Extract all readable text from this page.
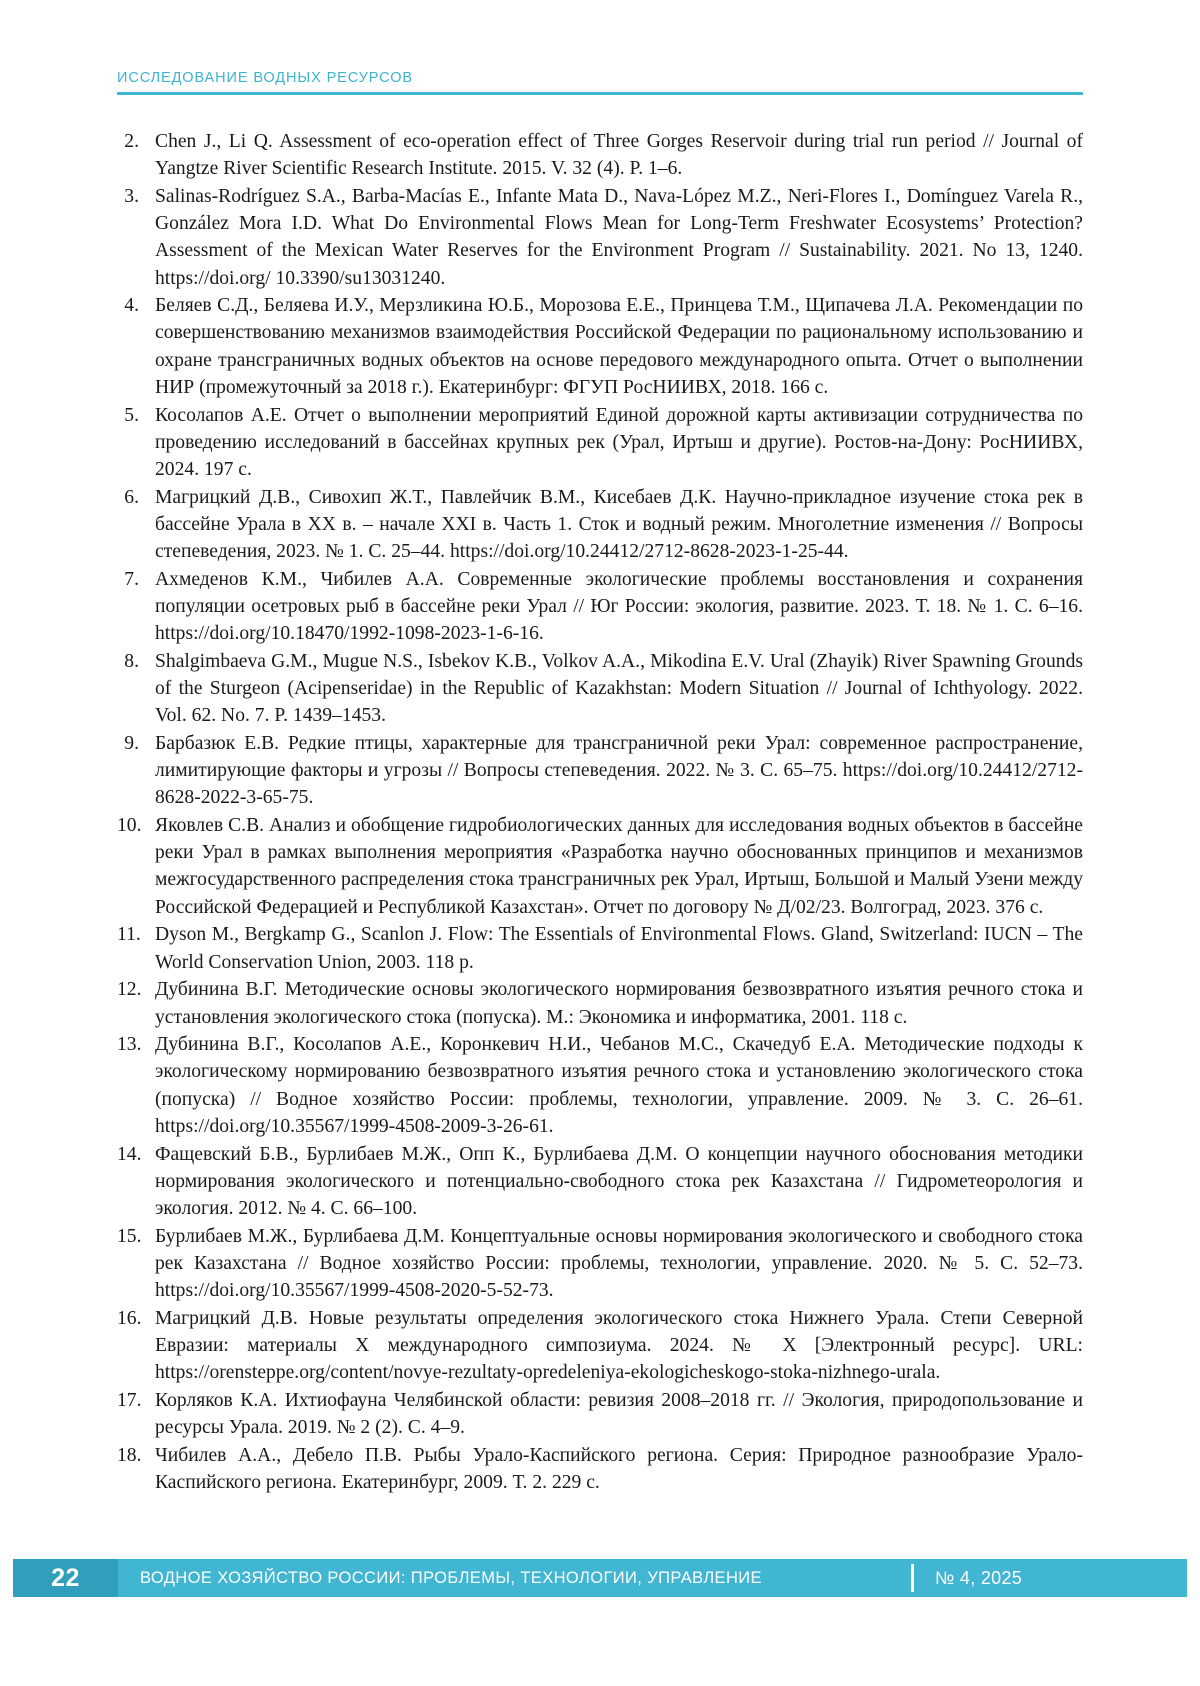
ИССЛЕДОВАНИЕ ВОДНЫХ РЕСУРСОВ
2. Chen J., Li Q. Assessment of eco-operation effect of Three Gorges Reservoir during trial run period // Journal of Yangtze River Scientific Research Institute. 2015. V. 32 (4). P. 1–6.
3. Salinas-Rodríguez S.A., Barba-Macías E., Infante Mata D., Nava-López M.Z., Neri-Flores I., Domínguez Varela R., González Mora I.D. What Do Environmental Flows Mean for Long-Term Freshwater Ecosystems’ Protection? Assessment of the Mexican Water Reserves for the Environment Program // Sustainability. 2021. No 13, 1240. https://doi.org/ 10.3390/su13031240.
4. Беляев С.Д., Беляева И.У., Мерзликина Ю.Б., Морозова Е.Е., Принцева Т.М., Щипачева Л.А. Рекомендации по совершенствованию механизмов взаимодействия Российской Федерации по рациональному использованию и охране трансграничных водных объектов на основе передового международного опыта. Отчет о выполнении НИР (промежуточный за 2018 г.). Екатеринбург: ФГУП РосНИИВХ, 2018. 166 с.
5. Косолапов А.Е. Отчет о выполнении мероприятий Единой дорожной карты активизации сотрудничества по проведению исследований в бассейнах крупных рек (Урал, Иртыш и другие). Ростов-на-Дону: РосНИИВХ, 2024. 197 с.
6. Магрицкий Д.В., Сивохип Ж.Т., Павлейчик В.М., Кисебаев Д.К. Научно-прикладное изучение стока рек в бассейне Урала в XX в. – начале XXI в. Часть 1. Сток и водный режим. Многолетние изменения // Вопросы степеведения, 2023. № 1. С. 25–44. https://doi.org/10.24412/2712-8628-2023-1-25-44.
7. Ахмеденов К.М., Чибилев А.А. Современные экологические проблемы восстановления и сохранения популяции осетровых рыб в бассейне реки Урал // Юг России: экология, развитие. 2023. Т. 18. № 1. С. 6–16. https://doi.org/10.18470/1992-1098-2023-1-6-16.
8. Shalgimbaeva G.M., Mugue N.S., Isbekov K.B., Volkov A.A., Mikodina E.V. Ural (Zhayik) River Spawning Grounds of the Sturgeon (Acipenseridae) in the Republic of Kazakhstan: Modern Situation // Journal of Ichthyology. 2022. Vol. 62. No. 7. P. 1439–1453.
9. Барбазюк Е.В. Редкие птицы, характерные для трансграничной реки Урал: современное распространение, лимитирующие факторы и угрозы // Вопросы степеведения. 2022. № 3. С. 65–75. https://doi.org/10.24412/2712-8628-2022-3-65-75.
10. Яковлев С.В. Анализ и обобщение гидробиологических данных для исследования водных объектов в бассейне реки Урал в рамках выполнения мероприятия «Разработка научно обоснованных принципов и механизмов межгосударственного распределения стока трансграничных рек Урал, Иртыш, Большой и Малый Узени между Российской Федерацией и Республикой Казахстан». Отчет по договору № Д/02/23. Волгоград, 2023. 376 с.
11. Dyson M., Bergkamp G., Scanlon J. Flow: The Essentials of Environmental Flows. Gland, Switzerland: IUCN – The World Conservation Union, 2003. 118 p.
12. Дубинина В.Г. Методические основы экологического нормирования безвозвратного изъятия речного стока и установления экологического стока (попуска). М.: Экономика и информатика, 2001. 118 с.
13. Дубинина В.Г., Косолапов А.Е., Коронкевич Н.И., Чебанов М.С., Скачедуб Е.А. Методические подходы к экологическому нормированию безвозвратного изъятия речного стока и установлению экологического стока (попуска) // Водное хозяйство России: проблемы, технологии, управление. 2009. № 3. С. 26–61. https://doi.org/10.35567/1999-4508-2009-3-26-61.
14. Фащевский Б.В., Бурлибаев М.Ж., Опп К., Бурлибаева Д.М. О концепции научного обоснования методики нормирования экологического и потенциально-свободного стока рек Казахстана // Гидрометеорология и экология. 2012. № 4. С. 66–100.
15. Бурлибаев М.Ж., Бурлибаева Д.М. Концептуальные основы нормирования экологического и свободного стока рек Казахстана // Водное хозяйство России: проблемы, технологии, управление. 2020. № 5. С. 52–73. https://doi.org/10.35567/1999-4508-2020-5-52-73.
16. Магрицкий Д.В. Новые результаты определения экологического стока Нижнего Урала. Степи Северной Евразии: материалы X международного симпозиума. 2024. № X [Электронный ресурс]. URL: https://orensteppe.org/content/novye-rezultaty-opredeleniya-ekologicheskogo-stoka-nizhnego-urala.
17. Корляков К.А. Ихтиофауна Челябинской области: ревизия 2008–2018 гг. // Экология, природопользование и ресурсы Урала. 2019. № 2 (2). С. 4–9.
18. Чибилев А.А., Дебело П.В. Рыбы Урало-Каспийского региона. Серия: Природное разнообразие Урало-Каспийского региона. Екатеринбург, 2009. Т. 2. 229 с.
22	ВОДНОЕ ХОЗЯЙСТВО РОССИИ: ПРОБЛЕМЫ, ТЕХНОЛОГИИ, УПРАВЛЕНИЕ	№ 4, 2025
